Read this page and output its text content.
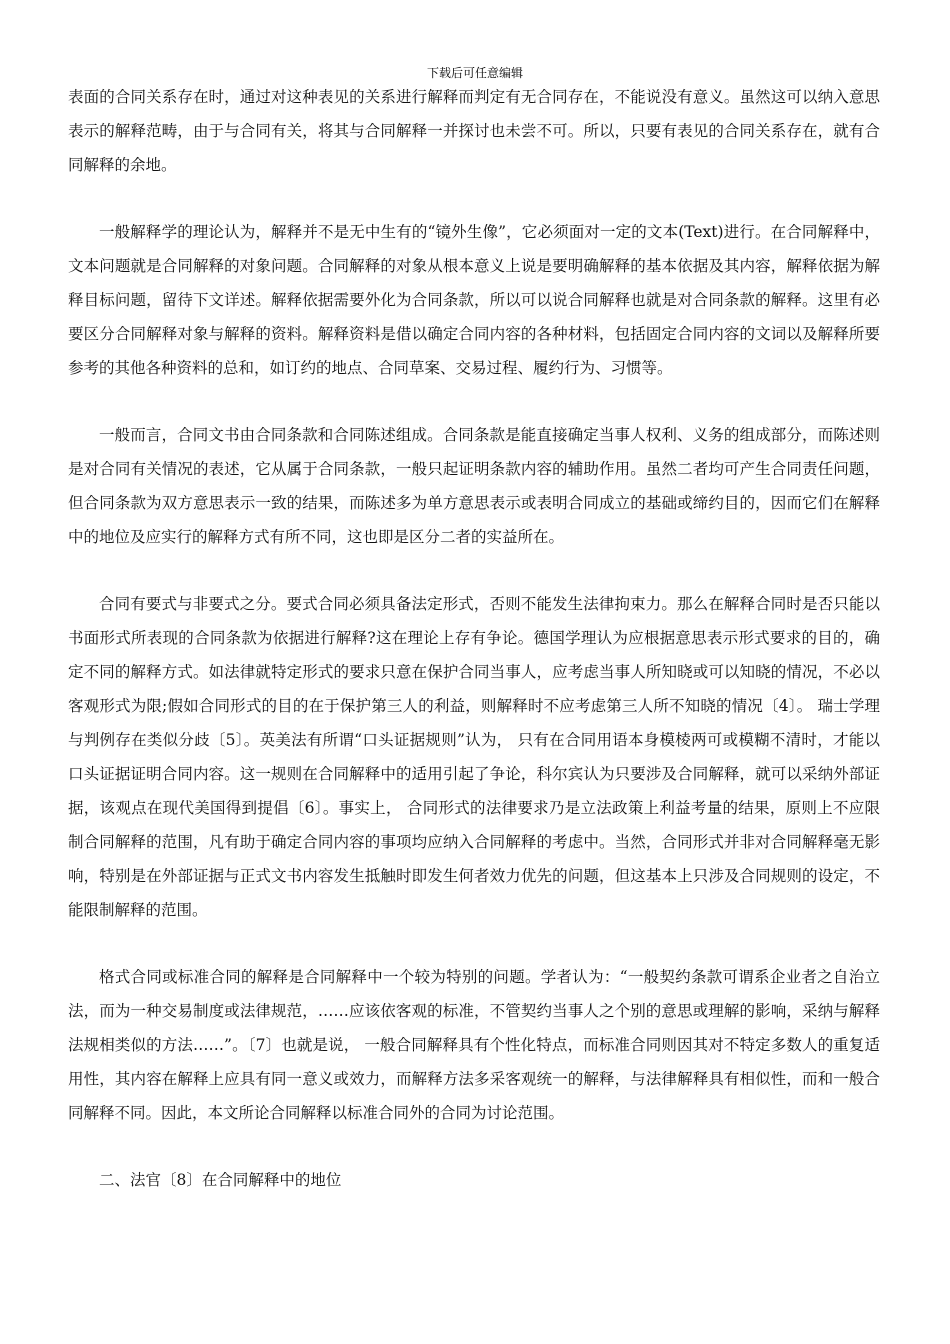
下载后可任意编辑

表面的合同关系存在时，通过对这种表见的关系进行解释而判定有无合同存在，不能说没有意义。虽然这可以纳入意思表示的解释范畴，由于与合同有关，将其与合同解释一并探讨也未尝不可。所以，只要有表见的合同关系存在，就有合同解释的余地。

一般解释学的理论认为，解释并不是无中生有的“镜外生像”，它必须面对一定的文本(Text)进行。在合同解释中，文本问题就是合同解释的对象问题。合同解释的对象从根本意义上说是要明确解释的基本依据及其内容，解释依据为解释目标问题，留待下文详述。解释依据需要外化为合同条款，所以可以说合同解释也就是对合同条款的解释。这里有必要区分合同解释对象与解释的资料。解释资料是借以确定合同内容的各种材料，包括固定合同内容的文词以及解释所要参考的其他各种资料的总和，如订约的地点、合同草案、交易过程、履约行为、习惯等。

一般而言，合同文书由合同条款和合同陈述组成。合同条款是能直接确定当事人权利、义务的组成部分，而陈述则是对合同有关情况的表述，它从属于合同条款，一般只起证明条款内容的辅助作用。虽然二者均可产生合同责任问题，但合同条款为双方意思表示一致的结果，而陈述多为单方意思表示或表明合同成立的基础或缔约目的，因而它们在解释中的地位及应实行的解释方式有所不同，这也即是区分二者的实益所在。

合同有要式与非要式之分。要式合同必须具备法定形式，否则不能发生法律拘束力。那么在解释合同时是否只能以书面形式所表现的合同条款为依据进行解释?这在理论上存有争论。德国学理认为应根据意思表示形式要求的目的，确定不同的解释方式。如法律就特定形式的要求只意在保护合同当事人，应考虑当事人所知晓或可以知晓的情况，不必以客观形式为限;假如合同形式的目的在于保护第三人的利益，则解释时不应考虑第三人所不知晓的情况〔4〕。 瑞士学理与判例存在类似分歧〔5〕。英美法有所谓“口头证据规则”认为， 只有在合同用语本身模棱两可或模糊不清时，才能以口头证据证明合同内容。这一规则在合同解释中的适用引起了争论，科尔宾认为只要涉及合同解释，就可以采纳外部证据，该观点在现代美国得到提倡〔6〕。事实上， 合同形式的法律要求乃是立法政策上利益考量的结果，原则上不应限制合同解释的范围，凡有助于确定合同内容的事项均应纳入合同解释的考虑中。当然，合同形式并非对合同解释毫无影响，特别是在外部证据与正式文书内容发生抵触时即发生何者效力优先的问题，但这基本上只涉及合同规则的设定，不能限制解释的范围。

格式合同或标准合同的解释是合同解释中一个较为特别的问题。学者认为：“一般契约条款可谓系企业者之自治立法，而为一种交易制度或法律规范，……应该依客观的标准，不管契约当事人之个别的意思或理解的影响，采纳与解释法规相类似的方法……”。〔7〕也就是说， 一般合同解释具有个性化特点，而标准合同则因其对不特定多数人的重复适用性，其内容在解释上应具有同一意义或效力，而解释方法多采客观统一的解释，与法律解释具有相似性，而和一般合同解释不同。因此，本文所论合同解释以标准合同外的合同为讨论范围。

二、法官〔8〕在合同解释中的地位
